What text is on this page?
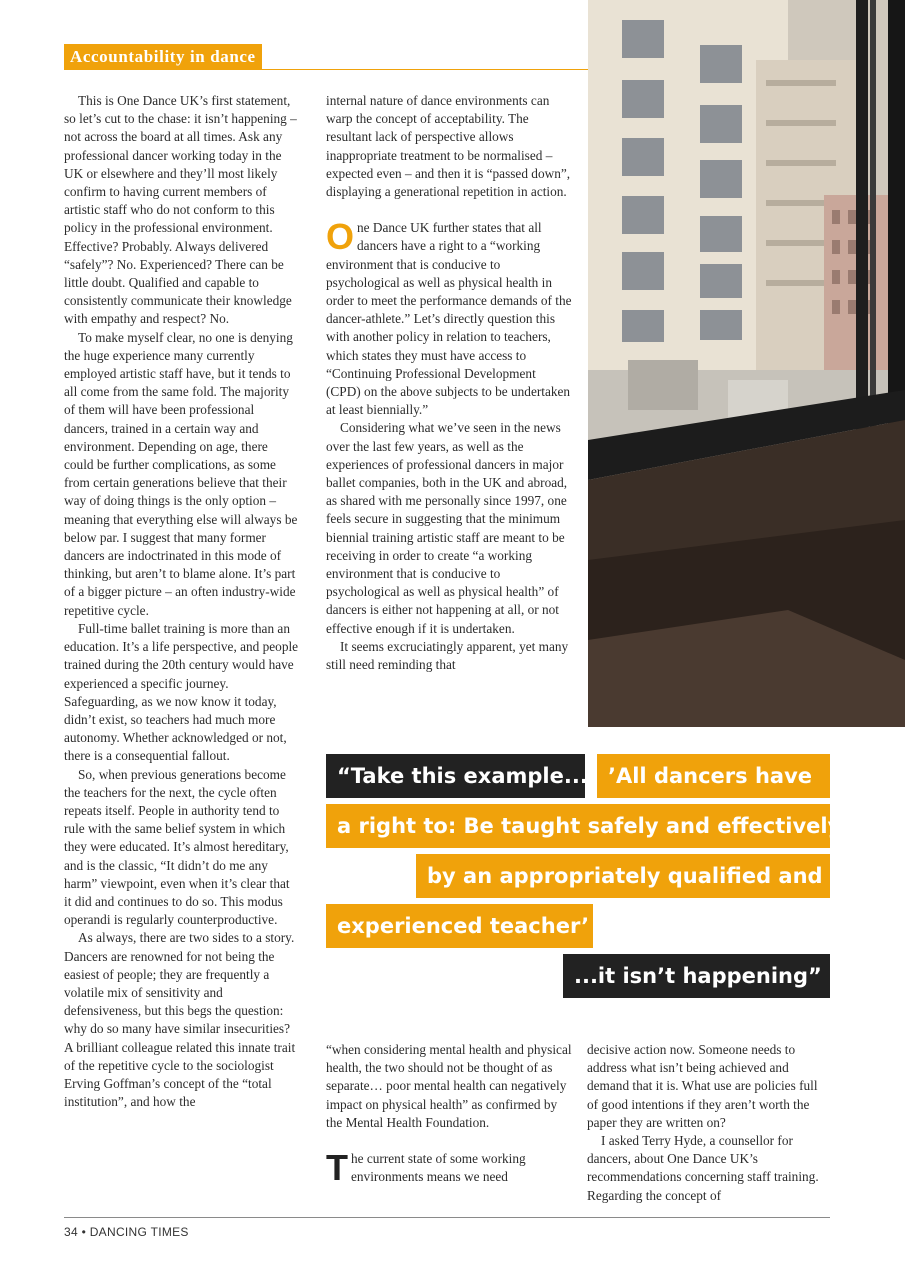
Accountability in dance

This is One Dance UK’s first statement, so let’s cut to the chase: it isn’t happening – not across the board at all times. Ask any professional dancer working today in the UK or elsewhere and they’ll most likely confirm to having current members of artistic staff who do not conform to this policy in the professional environment. Effective? Probably. Always delivered “safely”? No. Experienced? There can be little doubt. Qualified and capable to consistently communicate their knowledge with empathy and respect? No.

To make myself clear, no one is denying the huge experience many currently employed artistic staff have, but it tends to all come from the same fold. The majority of them will have been professional dancers, trained in a certain way and environment. Depending on age, there could be further complications, as some from certain generations believe that their way of doing things is the only option – meaning that everything else will always be below par. I suggest that many former dancers are indoctrinated in this mode of thinking, but aren’t to blame alone. It’s part of a bigger picture – an often industry-wide repetitive cycle.

Full-time ballet training is more than an education. It’s a life perspective, and people trained during the 20th century would have experienced a specific journey. Safeguarding, as we now know it today, didn’t exist, so teachers had much more autonomy. Whether acknowledged or not, there is a consequential fallout.

So, when previous generations become the teachers for the next, the cycle often repeats itself. People in authority tend to rule with the same belief system in which they were educated. It’s almost hereditary, and is the classic, “It didn’t do me any harm” viewpoint, even when it’s clear that it did and continues to do so. This modus operandi is regularly counterproductive.

As always, there are two sides to a story. Dancers are renowned for not being the easiest of people; they are frequently a volatile mix of sensitivity and defensiveness, but this begs the question: why do so many have similar insecurities? A brilliant colleague related this innate trait of the repetitive cycle to the sociologist Erving Goffman’s concept of the “total institution”, and how the

internal nature of dance environments can warp the concept of acceptability. The resultant lack of perspective allows inappropriate treatment to be normalised – expected even – and then it is “passed down”, displaying a generational repetition in action.

One Dance UK further states that all dancers have a right to a “working environment that is conducive to psychological as well as physical health in order to meet the performance demands of the dancer-athlete.” Let’s directly question this with another policy in relation to teachers, which states they must have access to “Continuing Professional Development (CPD) on the above subjects to be undertaken at least biennially.”

Considering what we’ve seen in the news over the last few years, as well as the experiences of professional dancers in major ballet companies, both in the UK and abroad, as shared with me personally since 1997, one feels secure in suggesting that the minimum biennial training artistic staff are meant to be receiving in order to create “a working environment that is conducive to psychological as well as physical health” of dancers is either not happening at all, or not effective enough if it is undertaken.

It seems excruciatingly apparent, yet many still need reminding that

“Take this example... ’All dancers have
a right to: Be taught safely and effectively
by an appropriately qualified and
experienced teacher’
...it isn’t happening”

“when considering mental health and physical health, the two should not be thought of as separate… poor mental health can negatively impact on physical health” as confirmed by the Mental Health Foundation.

The current state of some working environments means we need

decisive action now. Someone needs to address what isn’t being achieved and demand that it is. What use are policies full of good intentions if they aren’t worth the paper they are written on?

I asked Terry Hyde, a counsellor for dancers, about One Dance UK’s recommendations concerning staff training. Regarding the concept of

34 • DANCING TIMES
